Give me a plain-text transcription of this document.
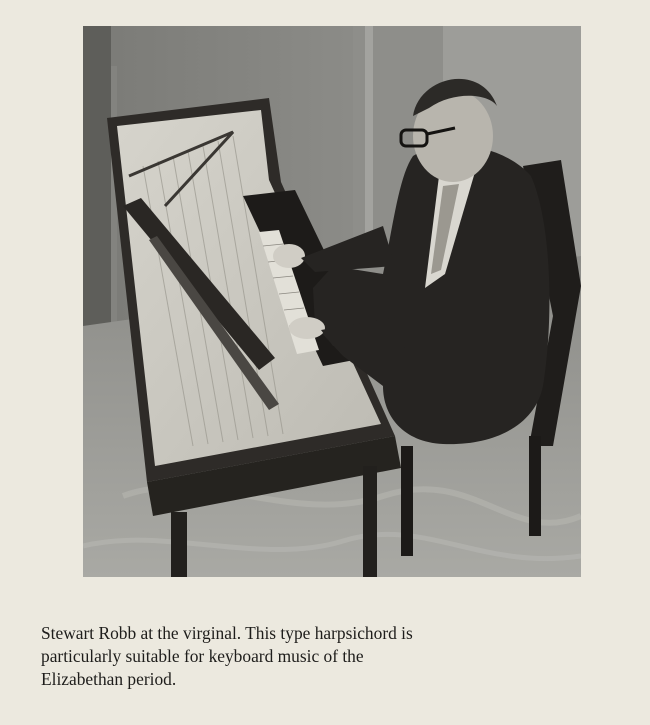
Stewart Robb at the virginal. This type harpsichord is
particularly suitable for keyboard music of the
Elizabethan period.
